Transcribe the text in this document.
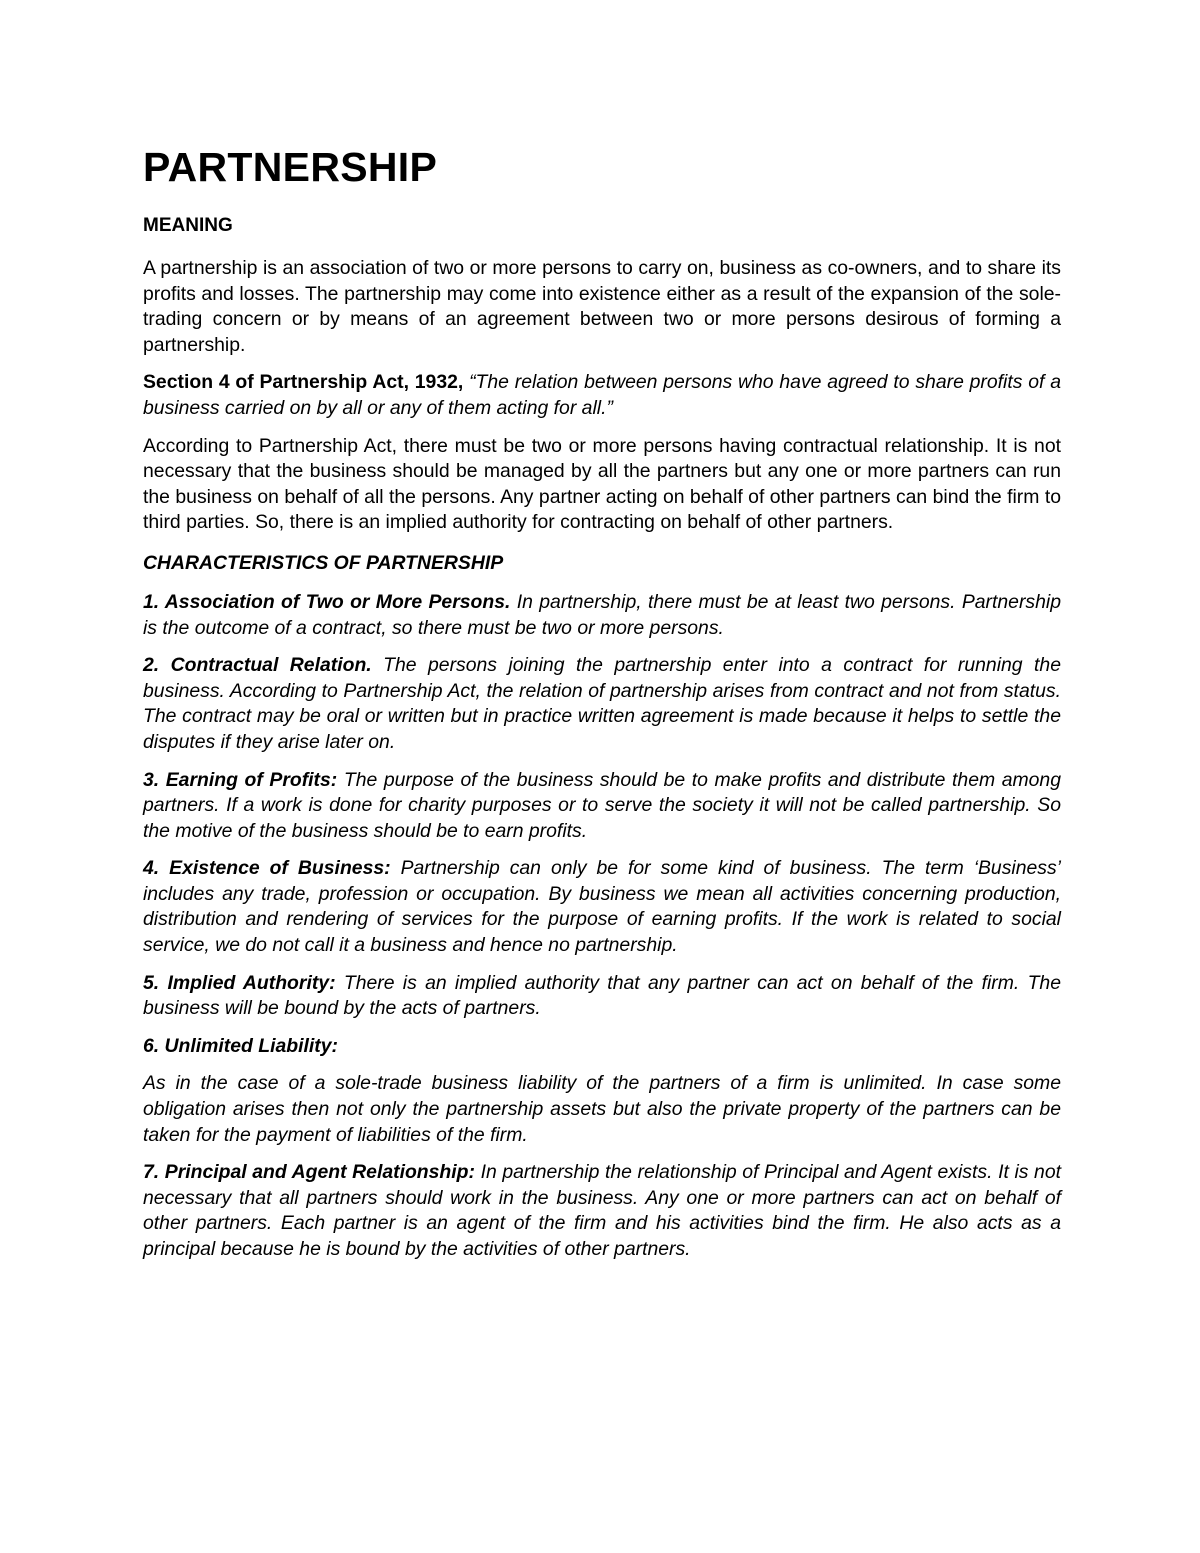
PARTNERSHIP
MEANING

A partnership is an association of two or more persons to carry on, business as co-owners, and to share its profits and losses. The partnership may come into existence either as a result of the expansion of the sole-trading concern or by means of an agreement between two or more persons desirous of forming a partnership.

Section 4 of Partnership Act, 1932, “The relation between persons who have agreed to share profits of a business carried on by all or any of them acting for all.”

According to Partnership Act, there must be two or more persons having contractual relationship. It is not necessary that the business should be managed by all the partners but any one or more partners can run the business on behalf of all the persons. Any partner acting on behalf of other partners can bind the firm to third parties. So, there is an implied authority for contracting on behalf of other partners.

CHARACTERISTICS OF PARTNERSHIP

1. Association of Two or More Persons. In partnership, there must be at least two persons. Partnership is the outcome of a contract, so there must be two or more persons.

2. Contractual Relation. The persons joining the partnership enter into a contract for running the business. According to Partnership Act, the relation of partnership arises from contract and not from status. The contract may be oral or written but in practice written agreement is made because it helps to settle the disputes if they arise later on.

3. Earning of Profits: The purpose of the business should be to make profits and distribute them among partners. If a work is done for charity purposes or to serve the society it will not be called partnership. So the motive of the business should be to earn profits.

4. Existence of Business: Partnership can only be for some kind of business. The term ‘Business’ includes any trade, profession or occupation. By business we mean all activities concerning production, distribution and rendering of services for the purpose of earning profits. If the work is related to social service, we do not call it a business and hence no partnership.

5. Implied Authority: There is an implied authority that any partner can act on behalf of the firm. The business will be bound by the acts of partners.

6. Unlimited Liability:

As in the case of a sole-trade business liability of the partners of a firm is unlimited. In case some obligation arises then not only the partnership assets but also the private property of the partners can be taken for the payment of liabilities of the firm.

7. Principal and Agent Relationship: In partnership the relationship of Principal and Agent exists. It is not necessary that all partners should work in the business. Any one or more partners can act on behalf of other partners. Each partner is an agent of the firm and his activities bind the firm. He also acts as a principal because he is bound by the activities of other partners.
